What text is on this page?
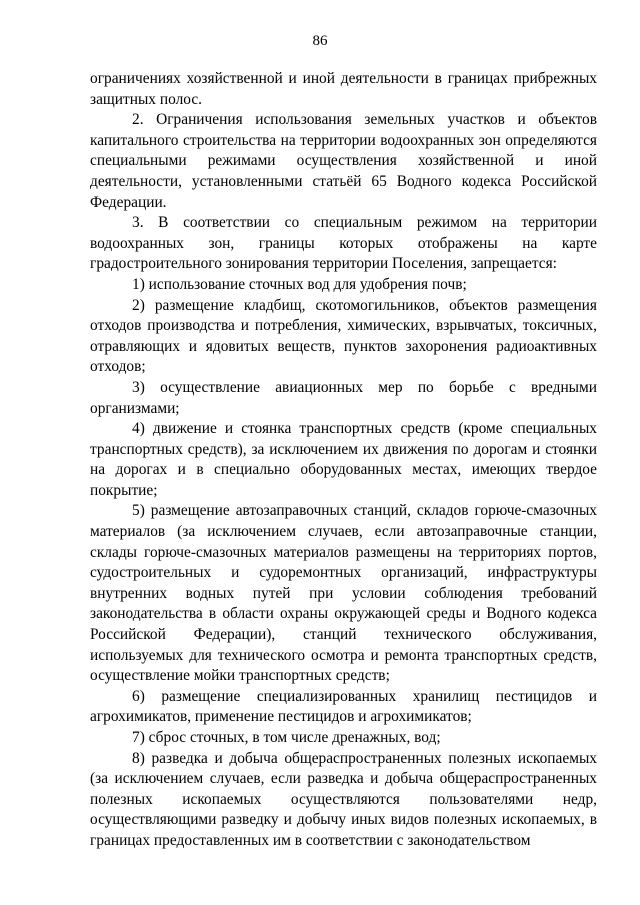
86

ограничениях хозяйственной и иной деятельности в границах прибрежных защитных полос.

2. Ограничения использования земельных участков и объектов капитального строительства на территории водоохранных зон определяются специальными режимами осуществления хозяйственной и иной деятельности, установленными статьёй 65 Водного кодекса Российской Федерации.

3. В соответствии со специальным режимом на территории водоохранных зон, границы которых отображены на карте градостроительного зонирования территории Поселения, запрещается:

1) использование сточных вод для удобрения почв;

2) размещение кладбищ, скотомогильников, объектов размещения отходов производства и потребления, химических, взрывчатых, токсичных, отравляющих и ядовитых веществ, пунктов захоронения радиоактивных отходов;

3) осуществление авиационных мер по борьбе с вредными организмами;

4) движение и стоянка транспортных средств (кроме специальных транспортных средств), за исключением их движения по дорогам и стоянки на дорогах и в специально оборудованных местах, имеющих твердое покрытие;

5) размещение автозаправочных станций, складов горюче-смазочных материалов (за исключением случаев, если автозаправочные станции, склады горюче-смазочных материалов размещены на территориях портов, судостроительных и судоремонтных организаций, инфраструктуры внутренних водных путей при условии соблюдения требований законодательства в области охраны окружающей среды и Водного кодекса Российской Федерации), станций технического обслуживания, используемых для технического осмотра и ремонта транспортных средств, осуществление мойки транспортных средств;

6) размещение специализированных хранилищ пестицидов и агрохимикатов, применение пестицидов и агрохимикатов;

7) сброс сточных, в том числе дренажных, вод;

8) разведка и добыча общераспространенных полезных ископаемых (за исключением случаев, если разведка и добыча общераспространенных полезных ископаемых осуществляются пользователями недр, осуществляющими разведку и добычу иных видов полезных ископаемых, в границах предоставленных им в соответствии с законодательством
